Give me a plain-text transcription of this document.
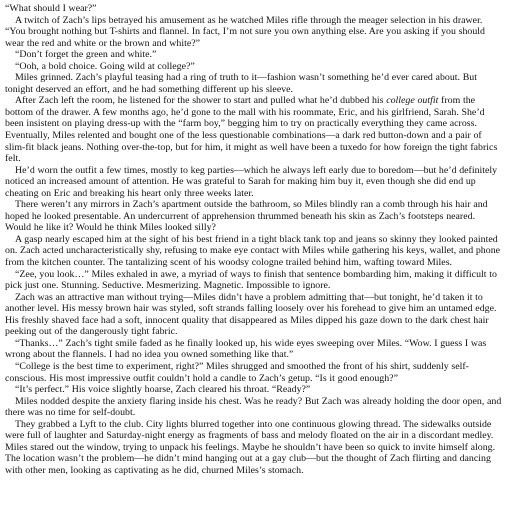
“What should I wear?”

A twitch of Zach’s lips betrayed his amusement as he watched Miles rifle through the meager selection in his drawer. “You brought nothing but T-shirts and flannel. In fact, I’m not sure you own anything else. Are you asking if you should wear the red and white or the brown and white?”

“Don’t forget the green and white.”

“Ooh, a bold choice. Going wild at college?”

Miles grinned. Zach’s playful teasing had a ring of truth to it—fashion wasn’t something he’d ever cared about. But tonight deserved an effort, and he had something different up his sleeve.

After Zach left the room, he listened for the shower to start and pulled what he’d dubbed his college outfit from the bottom of the drawer. A few months ago, he’d gone to the mall with his roommate, Eric, and his girlfriend, Sarah. She’d been insistent on playing dress-up with the “farm boy,” begging him to try on practically everything they came across. Eventually, Miles relented and bought one of the less questionable combinations—a dark red button-down and a pair of slim-fit black jeans. Nothing over-the-top, but for him, it might as well have been a tuxedo for how foreign the tight fabrics felt.

He’d worn the outfit a few times, mostly to keg parties—which he always left early due to boredom—but he’d definitely noticed an increased amount of attention. He was grateful to Sarah for making him buy it, even though she did end up cheating on Eric and breaking his heart only three weeks later.

There weren’t any mirrors in Zach’s apartment outside the bathroom, so Miles blindly ran a comb through his hair and hoped he looked presentable. An undercurrent of apprehension thrummed beneath his skin as Zach’s footsteps neared. Would he like it? Would he think Miles looked silly?

A gasp nearly escaped him at the sight of his best friend in a tight black tank top and jeans so skinny they looked painted on. Zach acted uncharacteristically shy, refusing to make eye contact with Miles while gathering his keys, wallet, and phone from the kitchen counter. The tantalizing scent of his woodsy cologne trailed behind him, wafting toward Miles.

“Zee, you look…” Miles exhaled in awe, a myriad of ways to finish that sentence bombarding him, making it difficult to pick just one. Stunning. Seductive. Mesmerizing. Magnetic. Impossible to ignore.

Zach was an attractive man without trying—Miles didn’t have a problem admitting that—but tonight, he’d taken it to another level. His messy brown hair was styled, soft strands falling loosely over his forehead to give him an untamed edge. His freshly shaved face had a soft, innocent quality that disappeared as Miles dipped his gaze down to the dark chest hair peeking out of the dangerously tight fabric.

“Thanks…” Zach’s tight smile faded as he finally looked up, his wide eyes sweeping over Miles. “Wow. I guess I was wrong about the flannels. I had no idea you owned something like that.”

“College is the best time to experiment, right?” Miles shrugged and smoothed the front of his shirt, suddenly self-conscious. His most impressive outfit couldn’t hold a candle to Zach’s getup. “Is it good enough?”

“It’s perfect.” His voice slightly hoarse, Zach cleared his throat. “Ready?”

Miles nodded despite the anxiety flaring inside his chest. Was he ready? But Zach was already holding the door open, and there was no time for self-doubt.

They grabbed a Lyft to the club. City lights blurred together into one continuous glowing thread. The sidewalks outside were full of laughter and Saturday-night energy as fragments of bass and melody floated on the air in a discordant medley. Miles stared out the window, trying to unpack his feelings. Maybe he shouldn’t have been so quick to invite himself along. The location wasn’t the problem—he didn’t mind hanging out at a gay club—but the thought of Zach flirting and dancing with other men, looking as captivating as he did, churned Miles’s stomach.
